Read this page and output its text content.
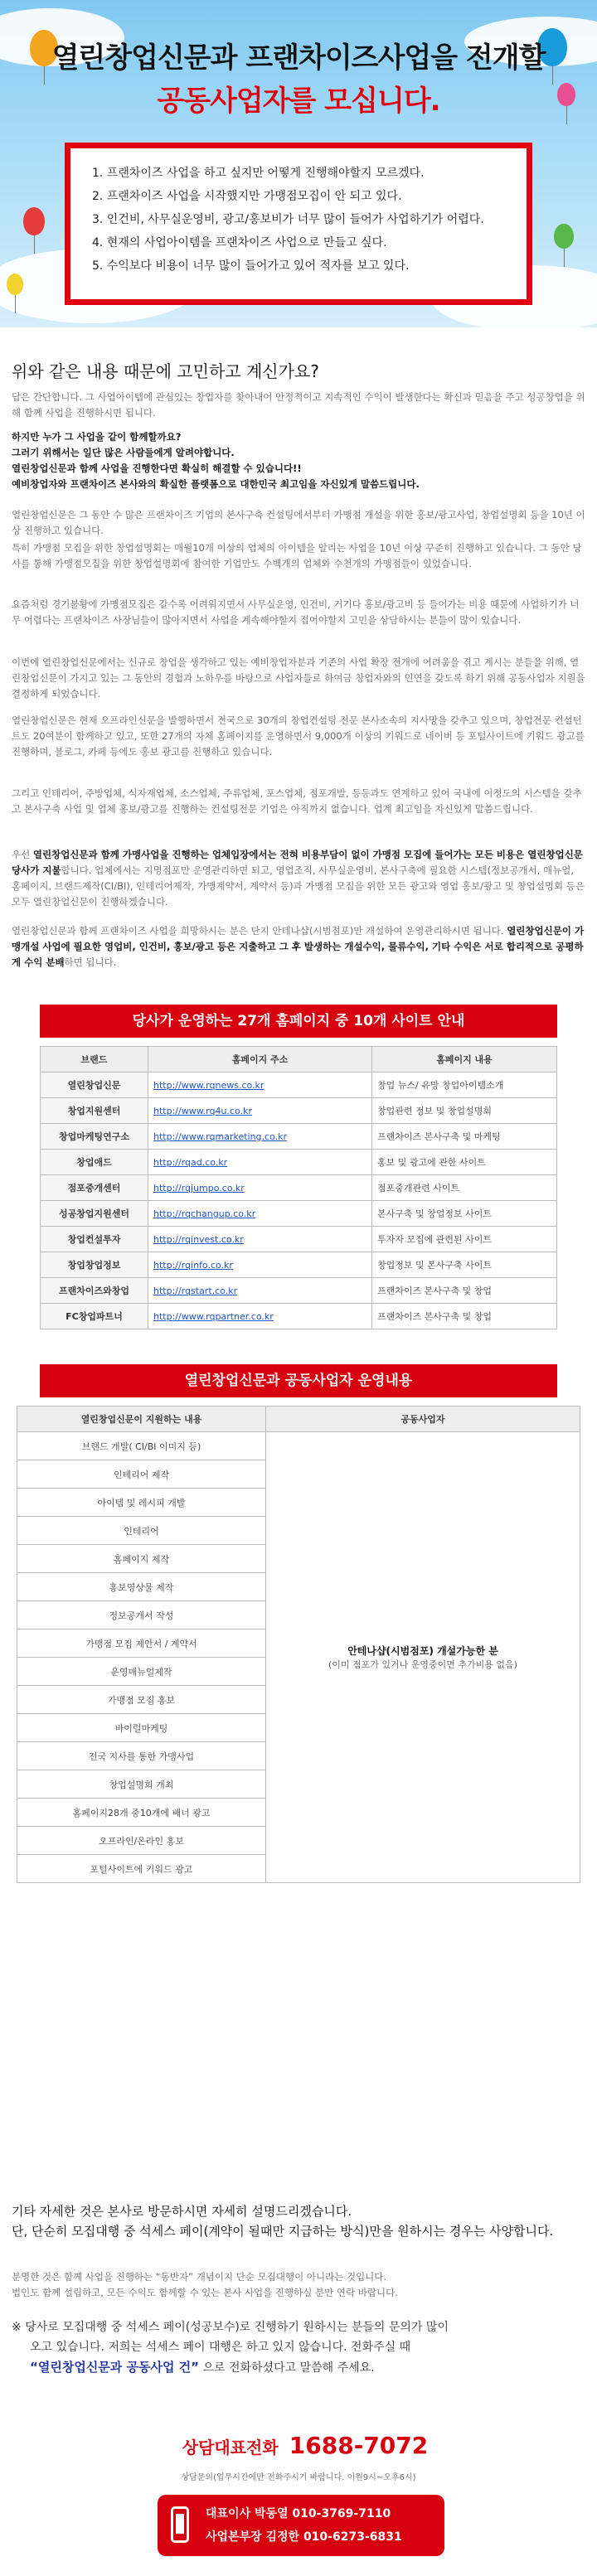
열린창업신문과 프랜차이즈사업을 전개할
공동사업자를 모십니다.
1. 프랜차이즈 사업을 하고 싶지만 어떻게 진행해야할지 모르겠다.
2. 프랜차이즈 사업을 시작했지만 가맹점모집이 안 되고 있다.
3. 인건비, 사무실운영비, 광고/홍보비가 너무 많이 들어가 사업하기가 어렵다.
4. 현재의 사업아이템을 프랜차이즈 사업으로 만들고 싶다.
5. 수익보다 비용이 너무 많이 들어가고 있어 적자를 보고 있다.
위와 같은 내용 때문에 고민하고 계신가요?
답은 간단합니다. 그 사업아이템에 관심있는 창업자를 찾아내어 안정적이고 지속적인 수익이 발생한다는 확신과 믿음을 주고 성공창업을 위해 함께 사업을 진행하시면 됩니다.
하지만 누가 그 사업을 같이 함께할까요?
그러기 위해서는 일단 많은 사람들에게 알려야합니다.
열린창업신문과 함께 사업을 진행한다면 확실히 해결할 수 있습니다!!
예비창업자와 프랜차이즈 본사와의 확실한 플랫폼으로 대한민국 최고임을 자신있게 말씀드립니다.
열린창업신문은 그 동안 수 많은 프랜차이즈 기업의 본사구축 컨설팅에서부터 가맹점 개설을 위한 홍보/광고사업, 창업설명회 등을 10년 이상 진행하고 있습니다.
특히 가맹점 모집을 위한 창업설명회는 매월10개 이상의 업체의 아이템을 알리는 사업을 10년 이상 꾸준히 진행하고 있습니다. 그 동안 당사를 통해 가맹점모집을 위한 창업설명회에 참여한 기업만도 수백개의 업체와 수천개의 가맹점들이 있었습니다.
요즘처럼 경기불황에 가맹점모집은 갈수록 어려워지면서 사무실운영, 인건비, 거기다 홍보/광고비 등 들어가는 비용 때문에 사업하기가 너무 어렵다는 프랜차이즈 사장님들이 많아지면서 사업을 계속해야할지 접어야할지 고민을 상담하시는 분들이 많이 있습니다.
이번에 열린창업신문에서는 신규로 창업을 생각하고 있는 예비창업자분과 기존의 사업 확장 전개에 어려움을 겪고 계시는 분들을 위해, 열린창업신문이 가지고 있는 그 동안의 경험과 노하우를 바탕으로 사업자들로 하여금 창업자와의 인연을 갖도록 하기 위해 공동사업자 지원을 결정하게 되었습니다.
열린창업신문은 현재 오프라인신문을 발행하면서 전국으로 30개의 창업컨설팅 전문 본사소속의 지사망을 갖추고 있으며, 창업전문 컨설턴트도 20여분이 함께하고 있고, 또한 27개의 자체 홈페이지를 운영하면서 9,000개 이상의 키워드로 네이버 등 포털사이트에 키워드 광고를 진행하며, 블로그, 카페 등에도 홍보 광고를 진행하고 있습니다.
그리고 인테리어, 주방업체, 식자재업체, 소스업체, 주류업체, 포스업체, 점포개발, 등등과도 연계하고 있어 국내에 이정도의 시스템을 갖추고 본사구축 사업 및 업체 홍보/광고를 진행하는 컨설팅전문 기업은 아직까지 없습니다. 업계 최고임을 자신있게 말씀드립니다.
우선 열린창업신문과 함께 가맹사업을 진행하는 업체입장에서는 전혀 비용부담이 없이 가맹점 모집에 들어가는 모든 비용은 열린창업신문 당사가 지불합니다. 업체에서는 지명점포만 운영관리하면 되고, 영업조직, 사무실운영비, 본사구축에 필요한 시스템(정보공개서, 매뉴얼, 홈페이지, 브랜드제작(CI/BI), 인테리어제작, 가맹계약서, 계약서 등)과 가맹점 모집을 위한 모든 광고와 영업 홍보/광고 및 창업설명회 등은 모두 열린창업신문이 진행하겠습니다.
열린창업신문과 함께 프랜차이즈 사업을 희망하시는 분은 단지 안테나샵(시범점포)만 개설하여 운영관리하시면 됩니다. 열린창업신문이 가맹개설 사업에 필요한 영업비, 인건비, 홍보/광고 등은 지출하고 그 후 발생하는 개설수익, 물류수익, 기타 수익은 서로 합리적으로 공평하게 수익 분배하면 됩니다.
당사가 운영하는 27개 홈페이지 중 10개 사이트 안내
브랜드	홈페이지 주소	홈페이지 내용
열린창업신문	http://www.rqnews.co.kr	창업 뉴스/ 유망 창업아이템소개
창업지원센터	http://www.rq4u.co.kr	창업관련 정보 및 창업설명회
창업마케팅연구소	http://www.rqmarketing.co.kr	프랜차이즈 본사구축 및 마케팅
창업애드	http://rqad.co.kr	홍보 및 광고에 관한 사이트
점포중개센터	http://rqjumpo.co.kr	점포중개관련 사이트
성공창업지원센터	http://rqchangup.co.kr	본사구축 및 창업정보 사이트
창업컨설투자	http://rqinvest.co.kr	투자자 모집에 관련된 사이트
창업창업정보	http://rqinfo.co.kr	창업정보 및 본사구축 사이트
프랜차이즈와창업	http://rqstart.co.kr	프랜차이즈 본사구축 및 창업
FC창업파트너	http://www.rqpartner.co.kr	프랜차이즈 본사구축 및 창업
열린창업신문과 공동사업자 운영내용
열린창업신문이 지원하는 내용	공동사업자
브랜드 개발( CI/BI 이미지 등)	안테나샵(시범점포) 개설가능한 분
(이미 점포가 있거나 운영중이면 추가비용 없음)

인테리어 제작	
아이템 및 레시피 개발	
인테리어	
홈페이지 제작	
홍보영상물 제작	
정보공개서 작성	
가맹점 모집 제안서 / 계약서	
운영매뉴얼제작	
가맹점 모집 홍보	
바이럴마케팅	
전국 지사를 통한 가맹사업	
창업설명회 개최	
홈페이지28개 중10개에 배너 광고	
오프라인/온라인 홍보	
포털사이트에 키워드 광고	
기타 자세한 것은 본사로 방문하시면 자세히 설명드리겠습니다.
단, 단순히 모집대행 중 석세스 페이(계약이 될때만 지급하는 방식)만을 원하시는 경우는 사양합니다.
분명한 것은 함께 사업을 진행하는 “동반자” 개념이지 단순 모집대행이 아니라는 것입니다.
법인도 함께 설립하고, 모든 수익도 함께할 수 있는 본사 사업을 진행하실 분만 연락 바랍니다.
※ 당사로 모집대행 중 석세스 페이(성공보수)로 진행하기 원하시는 분들의 문의가 많이
오고 있습니다. 저희는 석세스 페이 대행은 하고 있지 않습니다. 전화주실 때
“열린창업신문과 공동사업 건” 으로 전화하셨다고 말씀해 주세요.
상담대표전화 1688-7072
상담문의(업무시간에만 전화주시기 바랍니다. 이원9시~오후6시)
대표이사 박동열 010-3769-7110
사업본부장 김정한 010-6273-6831
